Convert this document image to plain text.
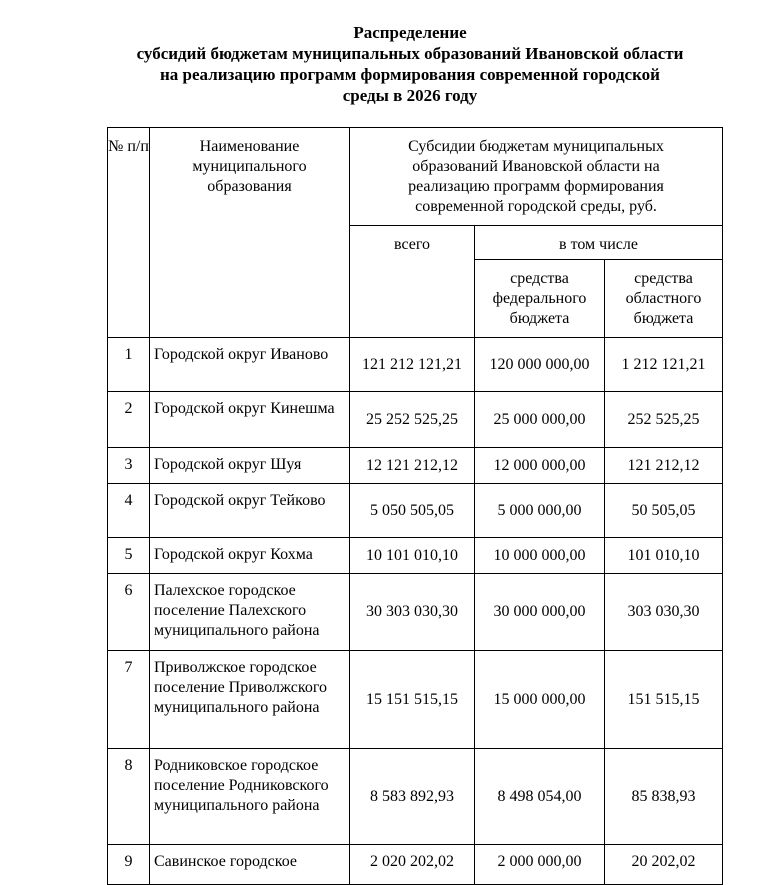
Распределение
субсидий бюджетам муниципальных образований Ивановской области
на реализацию программ формирования современной городской
среды в 2026 году
№ п/п	Наименование муниципального образования	Субсидии бюджетам муниципальных образований Ивановской области на реализацию программ формирования современной городской среды, руб.		
		всего	в том числе	
			средства федерального бюджета	средства областного бюджета
1	Городской округ Иваново	121 212 121,21	120 000 000,00	1 212 121,21
2	Городской округ Кинешма	25 252 525,25	25 000 000,00	252 525,25
3	Городской округ Шуя	12 121 212,12	12 000 000,00	121 212,12
4	Городской округ Тейково	5 050 505,05	5 000 000,00	50 505,05
5	Городской округ Кохма	10 101 010,10	10 000 000,00	101 010,10
6	Палехское городское поселение Палехского муниципального района	30 303 030,30	30 000 000,00	303 030,30
7	Приволжское городское поселение Приволжского муниципального района	15 151 515,15	15 000 000,00	151 515,15
8	Родниковское городское поселение Родниковского муниципального района	8 583 892,93	8 498 054,00	85 838,93
9	Савинское городское	2 020 202,02	2 000 000,00	20 202,02
